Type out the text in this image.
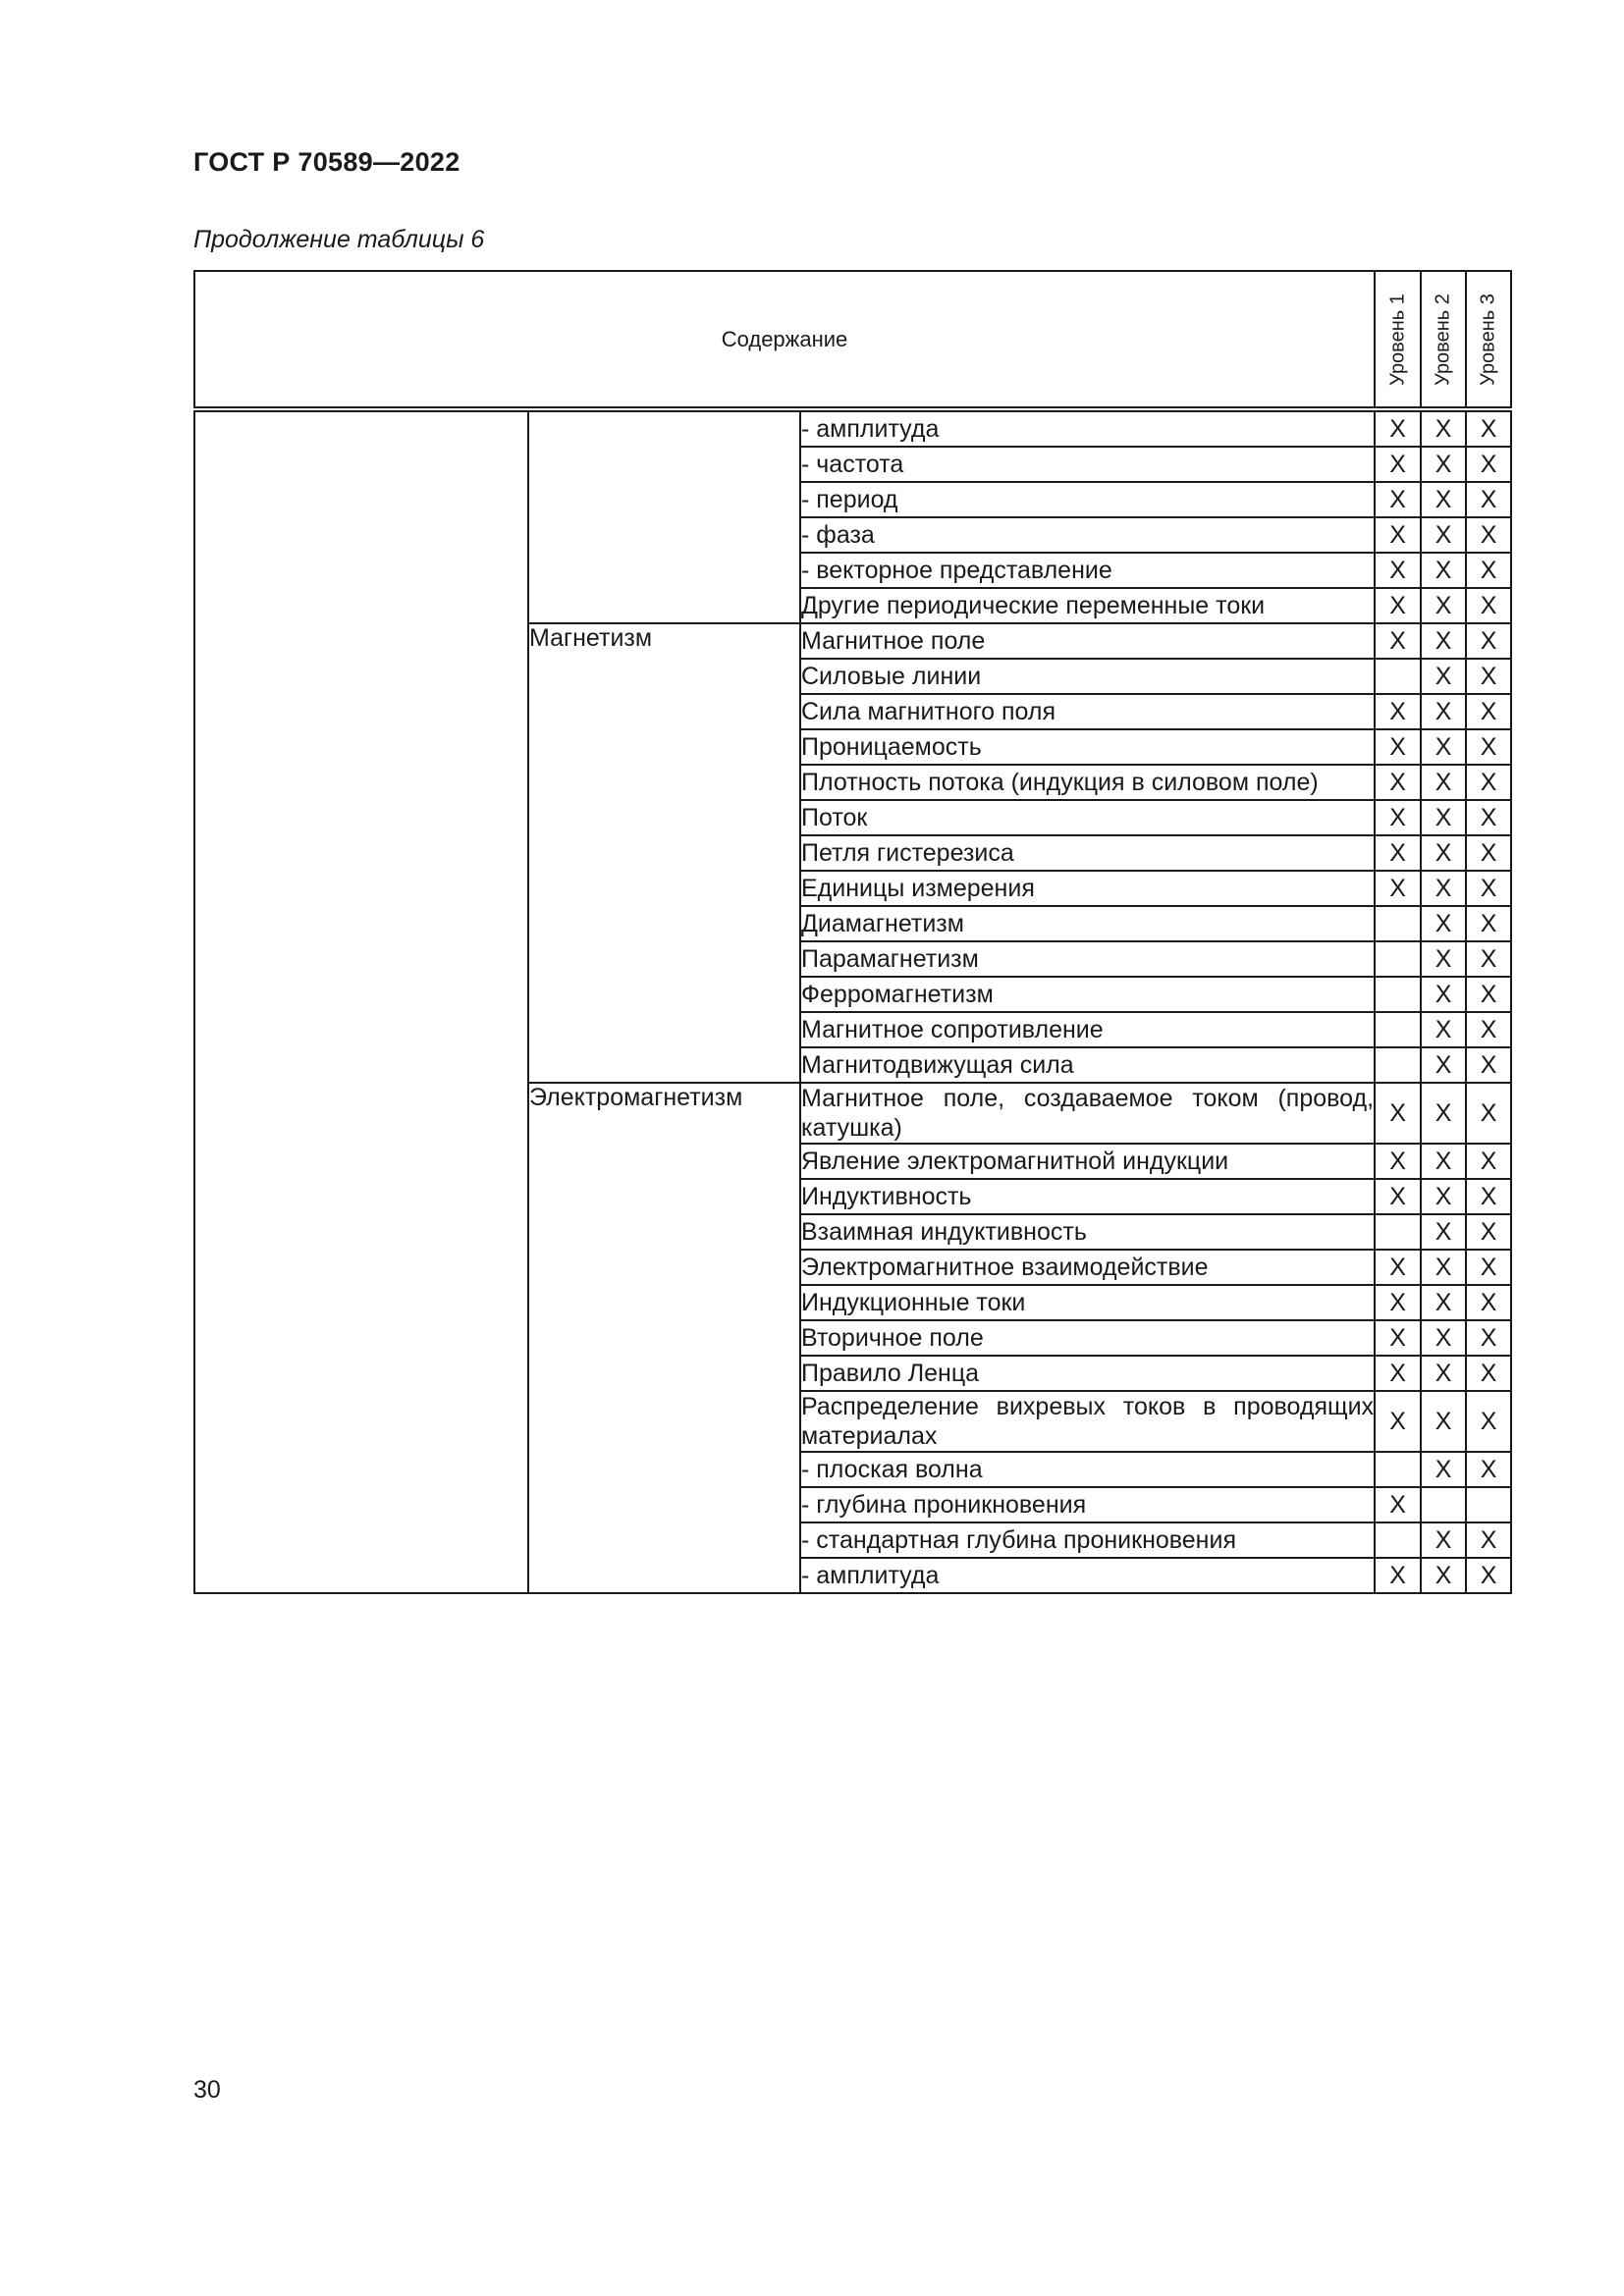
ГОСТ Р 70589—2022
Продолжение таблицы 6
Содержание			Уровень 1	Уровень 2	Уровень 3

		- амплитуда	X	X	X
		- частота	X	X	X
		- период	X	X	X
		- фаза	X	X	X
		- векторное представление	X	X	X
		Другие периодические переменные токи	X	X	X
	Магнетизм	Магнитное поле	X	X	X
		Силовые линии		X	X
		Сила магнитного поля	X	X	X
		Проницаемость	X	X	X
		Плотность потока (индукция в силовом поле)	X	X	X
		Поток	X	X	X
		Петля гистерезиса	X	X	X
		Единицы измерения	X	X	X
		Диамагнетизм		X	X
		Парамагнетизм		X	X
		Ферромагнетизм		X	X
		Магнитное сопротивление		X	X
		Магнитодвижущая сила		X	X
	Электромагнетизм	Магнитное поле, создаваемое током (провод, катушка)	X	X	X
		Явление электромагнитной индукции	X	X	X
		Индуктивность	X	X	X
		Взаимная индуктивность		X	X
		Электромагнитное взаимодействие	X	X	X
		Индукционные токи	X	X	X
		Вторичное поле	X	X	X
		Правило Ленца	X	X	X
		Распределение вихревых токов в проводящих материалах	X	X	X
		- плоская волна		X	X
		- глубина проникновения	X		
		- стандартная глубина проникновения		X	X
		- амплитуда	X	X	X
30
